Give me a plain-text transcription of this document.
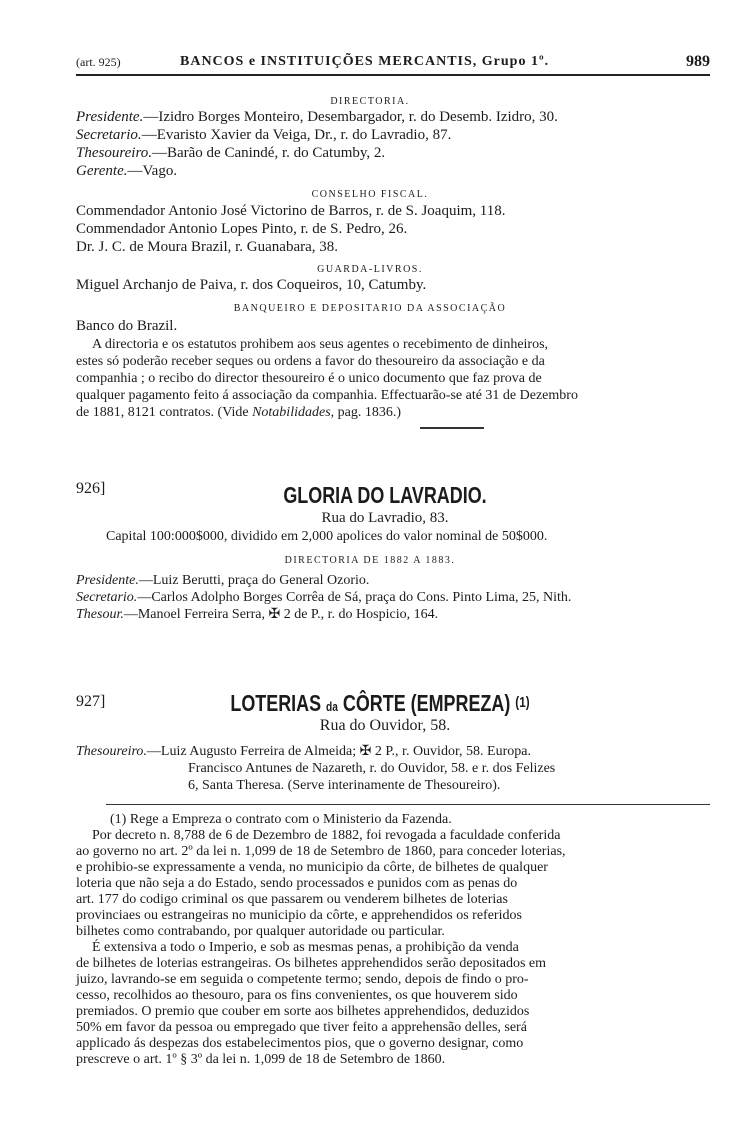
(art. 925)	BANCOS e INSTITUIÇÕES MERCANTIS, Grupo 1º.	989
DIRECTORIA.
Presidente.—Izidro Borges Monteiro, Desembargador, r. do Desemb. Izidro, 30.
Secretario.—Evaristo Xavier da Veiga, Dr., r. do Lavradio, 87.
Thesoureiro.—Barão de Canindé, r. do Catumby, 2.
Gerente.—Vago.
CONSELHO FISCAL.
Commendador Antonio José Victorino de Barros, r. de S. Joaquim, 118.
Commendador Antonio Lopes Pinto, r. de S. Pedro, 26.
Dr. J. C. de Moura Brazil, r. Guanabara, 38.
GUARDA-LIVROS.
Miguel Archanjo de Paiva, r. dos Coqueiros, 10, Catumby.
BANQUEIRO E DEPOSITARIO DA ASSOCIAÇÃO
Banco do Brazil.
A directoria e os estatutos prohibem aos seus agentes o recebimento de dinheiros,
estes só poderão receber seques ou ordens a favor do thesoureiro da associação e da
companhia ; o recibo do director thesoureiro é o unico documento que faz prova de
qualquer pagamento feito á associação da companhia. Effectuarão-se até 31 de Dezembro
de 1881, 8121 contratos. (Vide Notabilidades, pag. 1836.)
926]	GLORIA DO LAVRADIO.
Rua do Lavradio, 83.
Capital 100:000$000, dividido em 2,000 apolices do valor nominal de 50$000.
DIRECTORIA DE 1882 A 1883.
Presidente.—Luiz Berutti, praça do General Ozorio.
Secretario.—Carlos Adolpho Borges Corrêa de Sá, praça do Cons. Pinto Lima, 25, Nith.
Thesour.—Manoel Ferreira Serra, ✠ 2 de P., r. do Hospicio, 164.
927]	LOTERIAS da CÔRTE (EMPREZA) $^{(1)}$
Rua do Ouvidor, 58.
Thesoureiro.—Luiz Augusto Ferreira de Almeida; ✠ 2 P., r. Ouvidor, 58. Europa.
Francisco Antunes de Nazareth, r. do Ouvidor, 58. e r. dos Felizes
6, Santa Theresa. (Serve interinamente de Thesoureiro).
(1) Rege a Empreza o contrato com o Ministerio da Fazenda.
Por decreto n. 8,788 de 6 de Dezembro de 1882, foi revogada a faculdade conferida
ao governo no art. 2º da lei n. 1,099 de 18 de Setembro de 1860, para conceder loterias,
e prohibio-se expressamente a venda, no municipio da côrte, de bilhetes de qualquer
loteria que não seja a do Estado, sendo processados e punidos com as penas do
art. 177 do codigo criminal os que passarem ou venderem bilhetes de loterias
provinciaes ou estrangeiras no municipio da côrte, e apprehendidos os referidos
bilhetes como contrabando, por qualquer autoridade ou particular.
É extensiva a todo o Imperio, e sob as mesmas penas, a prohibição da venda
de bilhetes de loterias estrangeiras. Os bilhetes apprehendidos serão depositados em
juizo, lavrando-se em seguida o competente termo; sendo, depois de findo o pro-
cesso, recolhidos ao thesouro, para os fins convenientes, os que houverem sido
premiados. O premio que couber em sorte aos bilhetes apprehendidos, deduzidos
50% em favor da pessoa ou empregado que tiver feito a apprehensão delles, será
applicado ás despezas dos estabelecimentos pios, que o governo designar, como
prescreve o art. 1º § 3º da lei n. 1,099 de 18 de Setembro de 1860.
